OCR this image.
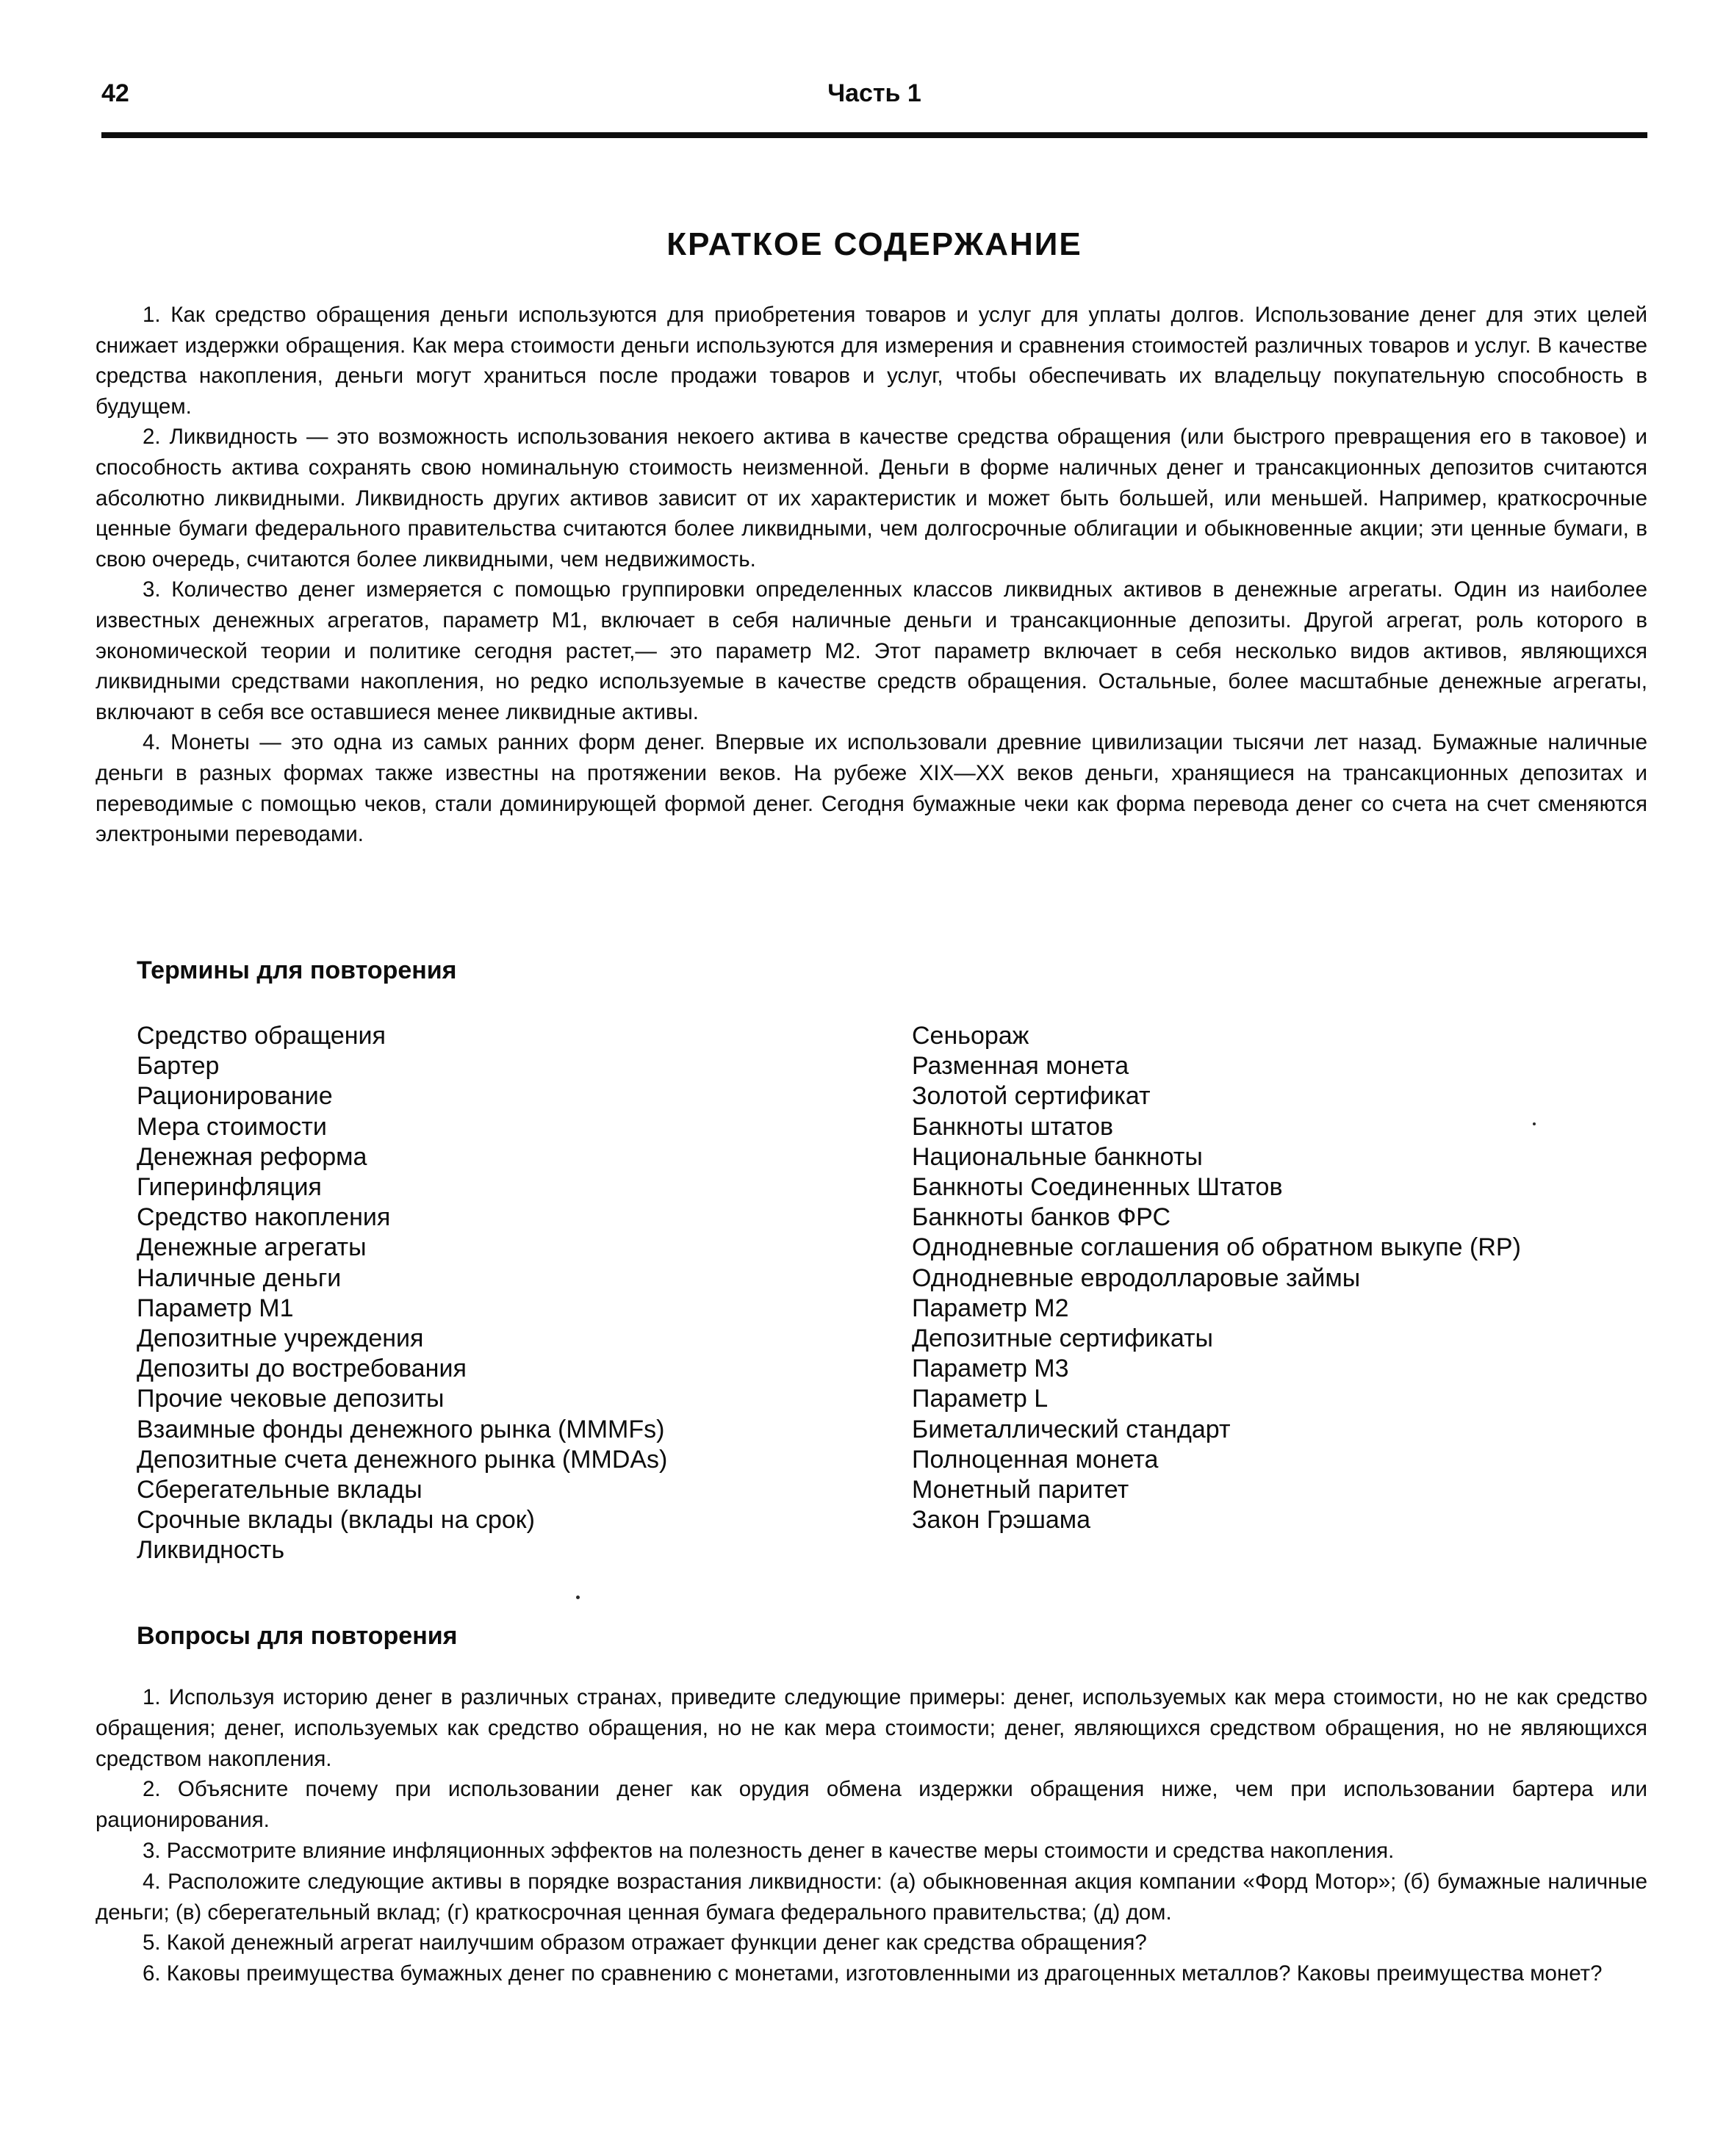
42	Часть 1
КРАТКОЕ СОДЕРЖАНИЕ

1. Как средство обращения деньги используются для приобретения товаров и услуг для уплаты долгов. Использование денег для этих целей снижает издержки обращения. Как мера стоимости деньги используются для измерения и сравнения стоимостей различных товаров и услуг. В качестве средства накопления, деньги могут храниться после продажи товаров и услуг, чтобы обеспечивать их владельцу покупательную способность в будущем.

2. Ликвидность — это возможность использования некоего актива в качестве средства обращения (или быстрого превращения его в таковое) и способность актива сохранять свою номинальную стоимость неизменной. Деньги в форме наличных денег и трансакционных депозитов считаются абсолютно ликвидными. Ликвидность других активов зависит от их характеристик и может быть большей, или меньшей. Например, краткосрочные ценные бумаги федерального правительства считаются более ликвидными, чем долгосрочные облигации и обыкновенные акции; эти ценные бумаги, в свою очередь, считаются более ликвидными, чем недвижимость.

3. Количество денег измеряется с помощью группировки определенных классов ликвидных активов в денежные агрегаты. Один из наиболее известных денежных агрегатов, параметр M1, включает в себя наличные деньги и трансакционные депозиты. Другой агрегат, роль которого в экономической теории и политике сегодня растет,— это параметр M2. Этот параметр включает в себя несколько видов активов, являющихся ликвидными средствами накопления, но редко используемые в качестве средств обращения. Остальные, более масштабные денежные агрегаты, включают в себя все оставшиеся менее ликвидные активы.

4. Монеты — это одна из самых ранних форм денег. Впервые их использовали древние цивилизации тысячи лет назад. Бумажные наличные деньги в разных формах также известны на протяжении веков. На рубеже XIX—XX веков деньги, хранящиеся на трансакционных депозитах и переводимые с помощью чеков, стали доминирующей формой денег. Сегодня бумажные чеки как форма перевода денег со счета на счет сменяются электроными переводами.

Термины для повторения
Средство обращения
Бартер
Рационирование
Мера стоимости
Денежная реформа
Гиперинфляция
Средство накопления
Денежные агрегаты
Наличные деньги
Параметр M1
Депозитные учреждения
Депозиты до востребования
Прочие чековые депозиты
Взаимные фонды денежного рынка (MMMFs)
Депозитные счета денежного рынка (MMDAs)
Сберегательные вклады
Срочные вклады (вклады на срок)
Ликвидность
Сеньораж
Разменная монета
Золотой сертификат
Банкноты штатов
Национальные банкноты
Банкноты Соединенных Штатов
Банкноты банков ФРС
Однодневные соглашения об обратном выкупе (RP)
Однодневные евродолларовые займы
Параметр M2
Депозитные сертификаты
Параметр M3
Параметр L
Биметаллический стандарт
Полноценная монета
Монетный паритет
Закон Грэшама
Вопросы для повторения

1. Используя историю денег в различных странах, приведите следующие примеры: денег, используемых как мера стоимости, но не как средство обращения; денег, используемых как средство обращения, но не как мера стоимости; денег, являющихся средством обращения, но не являющихся средством накопления.

2. Объясните почему при использовании денег как орудия обмена издержки обращения ниже, чем при использовании бартера или рационирования.

3. Рассмотрите влияние инфляционных эффектов на полезность денег в качестве меры стоимости и средства накопления.

4. Расположите следующие активы в порядке возрастания ликвидности: (а) обыкновенная акция компании «Форд Мотор»; (б) бумажные наличные деньги; (в) сберегательный вклад; (г) краткосрочная ценная бумага федерального правительства; (д) дом.

5. Какой денежный агрегат наилучшим образом отражает функции денег как средства обращения?

6. Каковы преимущества бумажных денег по сравнению с монетами, изготовленными из драгоценных металлов? Каковы преимущества монет?
